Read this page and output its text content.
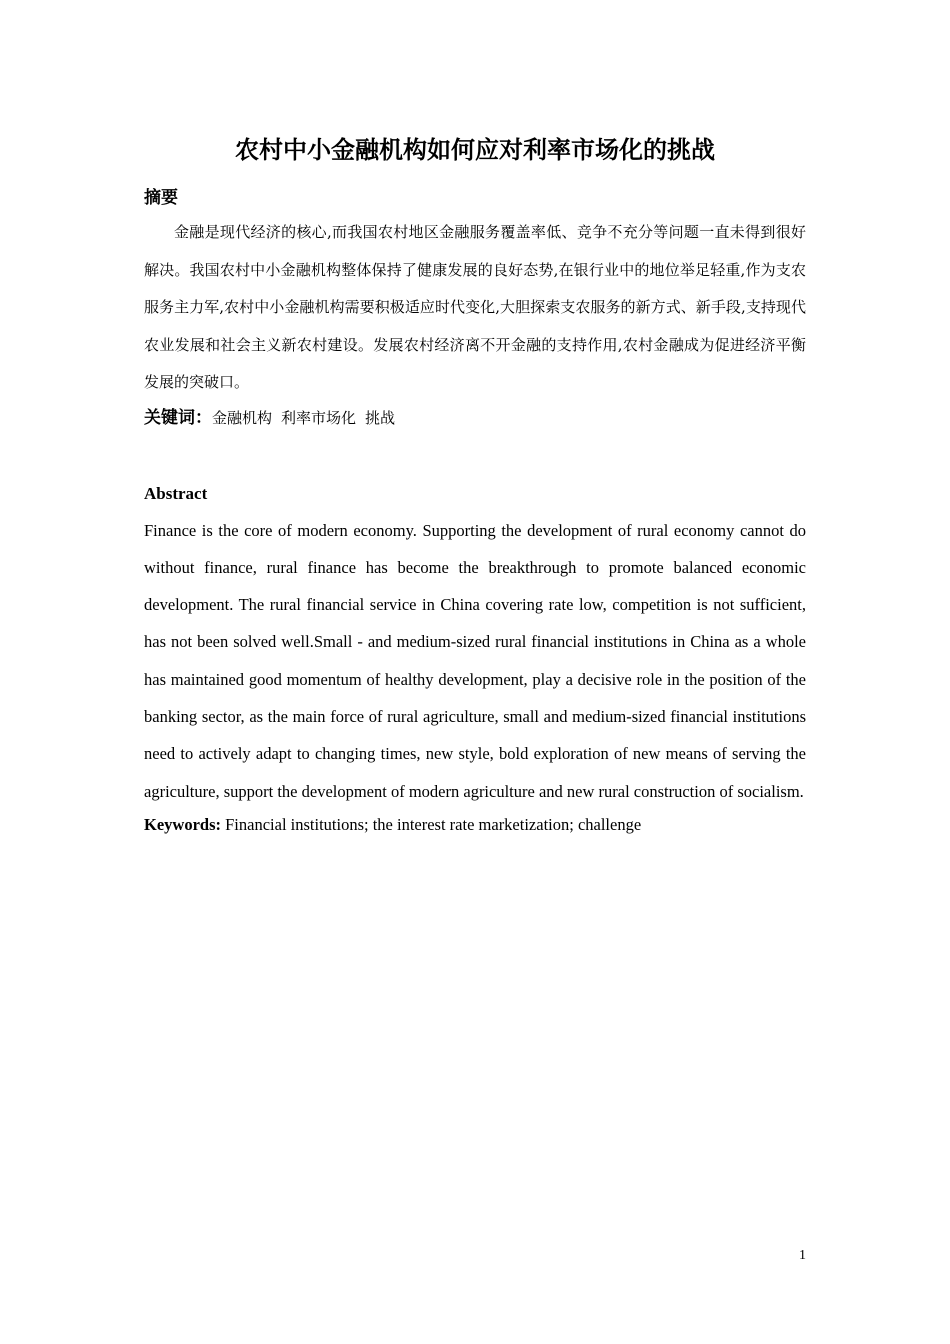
农村中小金融机构如何应对利率市场化的挑战
摘要

金融是现代经济的核心,而我国农村地区金融服务覆盖率低、竞争不充分等问题一直未得到很好解决。我国农村中小金融机构整体保持了健康发展的良好态势,在银行业中的地位举足轻重,作为支农服务主力军,农村中小金融机构需要积极适应时代变化,大胆探索支农服务的新方式、新手段,支持现代农业发展和社会主义新农村建设。发展农村经济离不开金融的支持作用,农村金融成为促进经济平衡发展的突破口。

关键词：金融机构 利率市场化 挑战

Abstract

Finance is the core of modern economy. Supporting the development of rural economy cannot do without finance, rural finance has become the breakthrough to promote balanced economic development. The rural financial service in China covering rate low, competition is not sufficient, has not been solved well.Small - and medium-sized rural financial institutions in China as a whole has maintained good momentum of healthy development, play a decisive role in the position of the banking sector, as the main force of rural agriculture, small and medium-sized financial institutions need to actively adapt to changing times, new style, bold exploration of new means of serving the agriculture, support the development of modern agriculture and new rural construction of socialism.

Keywords: Financial institutions; the interest rate marketization; challenge

1
